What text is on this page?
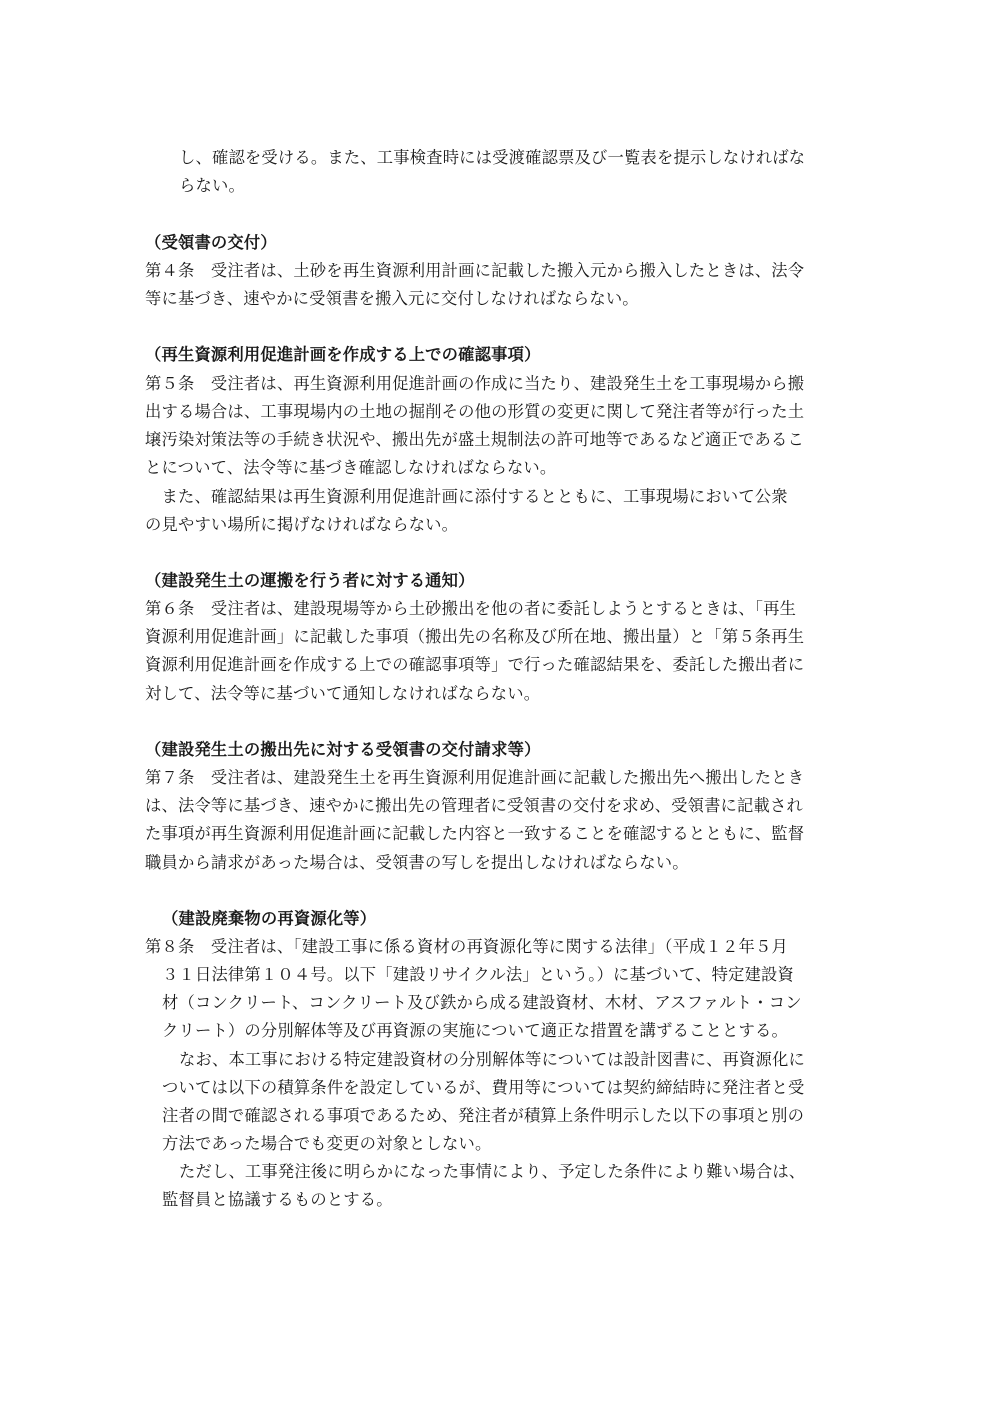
し、確認を受ける。また、工事検査時には受渡確認票及び一覧表を提示しなければな
らない。
（受領書の交付）
第４条　受注者は、土砂を再生資源利用計画に記載した搬入元から搬入したときは、法令
等に基づき、速やかに受領書を搬入元に交付しなければならない。
（再生資源利用促進計画を作成する上での確認事項）
第５条　受注者は、再生資源利用促進計画の作成に当たり、建設発生土を工事現場から搬
出する場合は、工事現場内の土地の掘削その他の形質の変更に関して発注者等が行った土
壌汚染対策法等の手続き状況や、搬出先が盛土規制法の許可地等であるなど適正であるこ
とについて、法令等に基づき確認しなければならない。
　また、確認結果は再生資源利用促進計画に添付するとともに、工事現場において公衆
の見やすい場所に掲げなければならない。
（建設発生土の運搬を行う者に対する通知）
第６条　受注者は、建設現場等から土砂搬出を他の者に委託しようとするときは、「再生
資源利用促進計画」に記載した事項（搬出先の名称及び所在地、搬出量）と「第５条再生
資源利用促進計画を作成する上での確認事項等」で行った確認結果を、委託した搬出者に
対して、法令等に基づいて通知しなければならない。
（建設発生土の搬出先に対する受領書の交付請求等）
第７条　受注者は、建設発生土を再生資源利用促進計画に記載した搬出先へ搬出したとき
は、法令等に基づき、速やかに搬出先の管理者に受領書の交付を求め、受領書に記載され
た事項が再生資源利用促進計画に記載した内容と一致することを確認するとともに、監督
職員から請求があった場合は、受領書の写しを提出しなければならない。
（建設廃棄物の再資源化等）
第８条　受注者は、「建設工事に係る資材の再資源化等に関する法律」（平成１２年５月
３１日法律第１０４号。以下「建設リサイクル法」という。）に基づいて、特定建設資
材（コンクリート、コンクリート及び鉄から成る建設資材、木材、アスファルト・コン
クリート）の分別解体等及び再資源の実施について適正な措置を講ずることとする。
なお、本工事における特定建設資材の分別解体等については設計図書に、再資源化に
ついては以下の積算条件を設定しているが、費用等については契約締結時に発注者と受
注者の間で確認される事項であるため、発注者が積算上条件明示した以下の事項と別の
方法であった場合でも変更の対象としない。
ただし、工事発注後に明らかになった事情により、予定した条件により難い場合は、
監督員と協議するものとする。
